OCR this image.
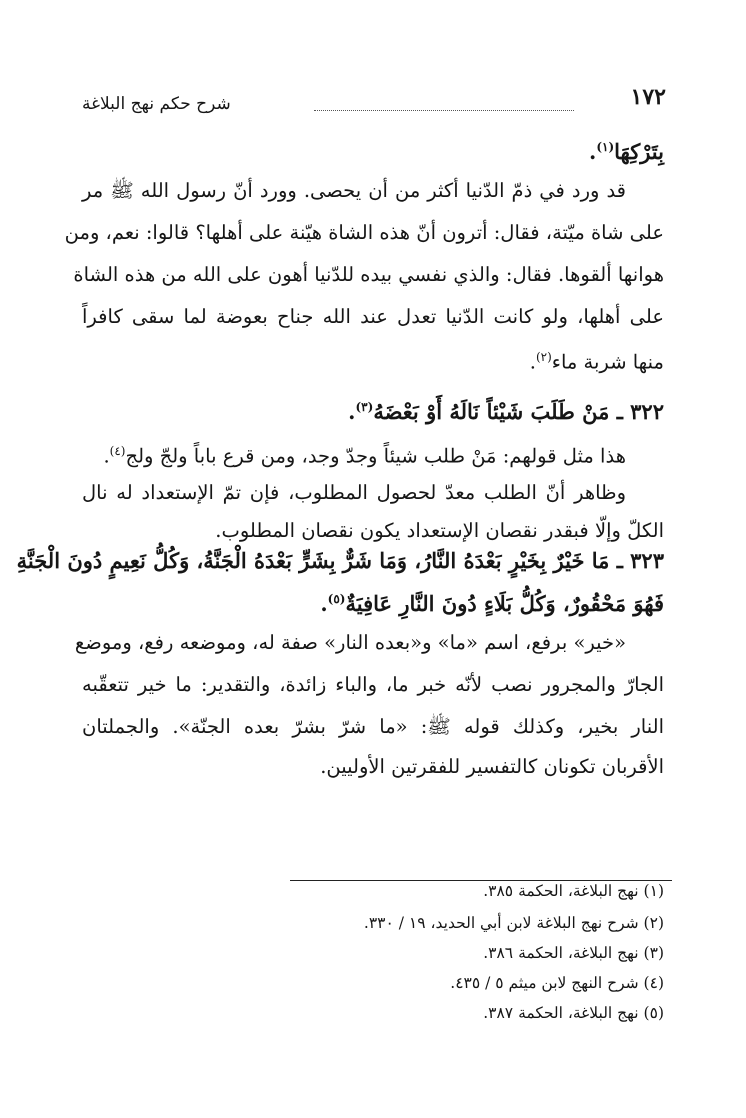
١٧٢
شرح حكم نهج البلاغة
بِتَرْكِهَا$^{(١)}$.
قد ورد في ذمّ الدّنيا أكثر من أن يحصى. وورد أنّ رسول الله ﷺ مر
على شاة ميّتة، فقال: أترون أنّ هذه الشاة هيّنة على أهلها؟ قالوا: نعم، ومن
هوانها ألقوها. فقال: والذي نفسي بيده للدّنيا أهون على الله من هذه الشاة
على أهلها، ولو كانت الدّنيا تعدل عند الله جناح بعوضة لما سقى كافراً
منها شربة ماء$^{(٢)}$.
٣٢٢ ـ مَنْ طَلَبَ شَيْئاً نَالَهُ أَوْ بَعْضَهُ$^{(٣)}$.
هذا مثل قولهم: مَنْ طلب شيئاً وجدّ وجد، ومن قرع باباً ولجّ ولج$^{(٤)}$.
وظاهر أنّ الطلب معدّ لحصول المطلوب، فإن تمّ الإستعداد له نال
الكلّ وإلّا فبقدر نقصان الإستعداد يكون نقصان المطلوب.
٣٢٣ ـ مَا خَيْرٌ بِخَيْرٍ بَعْدَهُ النَّارُ، وَمَا شَرٌّ بِشَرٍّ بَعْدَهُ الْجَنَّةُ، وَكُلُّ نَعِيمٍ دُونَ الْجَنَّةِ
فَهُوَ مَحْقُورٌ، وَكُلُّ بَلَاءٍ دُونَ النَّارِ عَافِيَةٌ$^{(٥)}$.
«خير» برفع، اسم «ما» و«بعده النار» صفة له، وموضعه رفع، وموضع
الجارّ والمجرور نصب لأنّه خبر ما، والباء زائدة، والتقدير: ما خير تتعقّبه
النار بخير، وكذلك قوله ﷺ: «ما شرّ بشرّ بعده الجنّة». والجملتان
الأقربان تكونان كالتفسير للفقرتين الأوليين.
(١) نهج البلاغة، الحكمة ٣٨٥.
(٢) شرح نهج البلاغة لابن أبي الحديد، ١٩ / ٣٣٠.
(٣) نهج البلاغة، الحكمة ٣٨٦.
(٤) شرح النهج لابن ميثم ٥ / ٤٣٥.
(٥) نهج البلاغة، الحكمة ٣٨٧.
